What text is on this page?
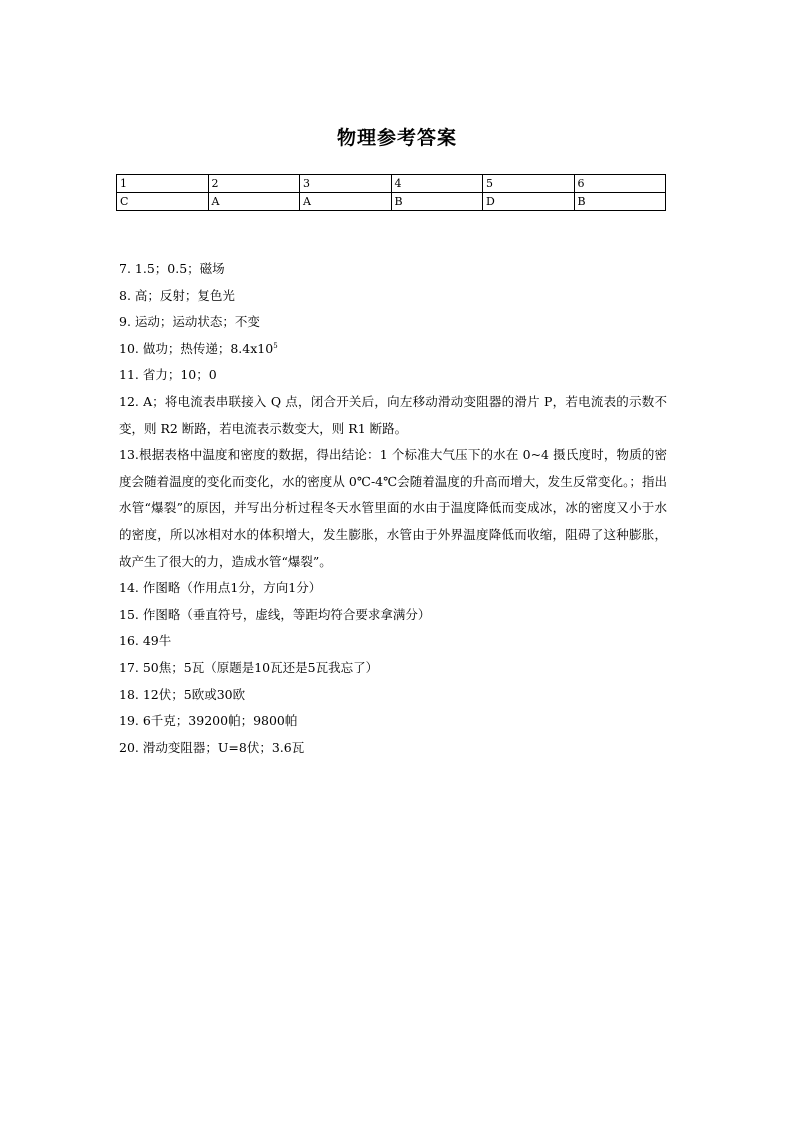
物理参考答案
1	2	3	4	5	6
C	A	A	B	D	B
7. 1.5；0.5；磁场
8. 高；反射；复色光
9. 运动；运动状态；不变
10. 做功；热传递；$8.4x10^5$
11. 省力；10；0
12. A；将电流表串联接入 Q 点，闭合开关后，向左移动滑动变阻器的滑片 P，若电流表的示数不变，则 R2 断路，若电流表示数变大，则 R1 断路。
13.根据表格中温度和密度的数据，得出结论：1 个标准大气压下的水在 0~4 摄氏度时，物质的密度会随着温度的变化而变化，水的密度从 0℃-4℃会随着温度的升高而增大，发生反常变化。；指出水管“爆裂”的原因，并写出分析过程冬天水管里面的水由于温度降低而变成冰，冰的密度又小于水的密度，所以冰相对水的体积增大，发生膨胀，水管由于外界温度降低而收缩，阻碍了这种膨胀，故产生了很大的力，造成水管“爆裂”。
14. 作图略（作用点1分，方向1分）
15. 作图略（垂直符号，虚线，等距均符合要求拿满分）
16. 49牛
17. 50焦；5瓦（原题是10瓦还是5瓦我忘了）
18. 12伏；5欧或30欧
19. 6千克；39200帕；9800帕
20. 滑动变阻器；U=8伏；3.6瓦
